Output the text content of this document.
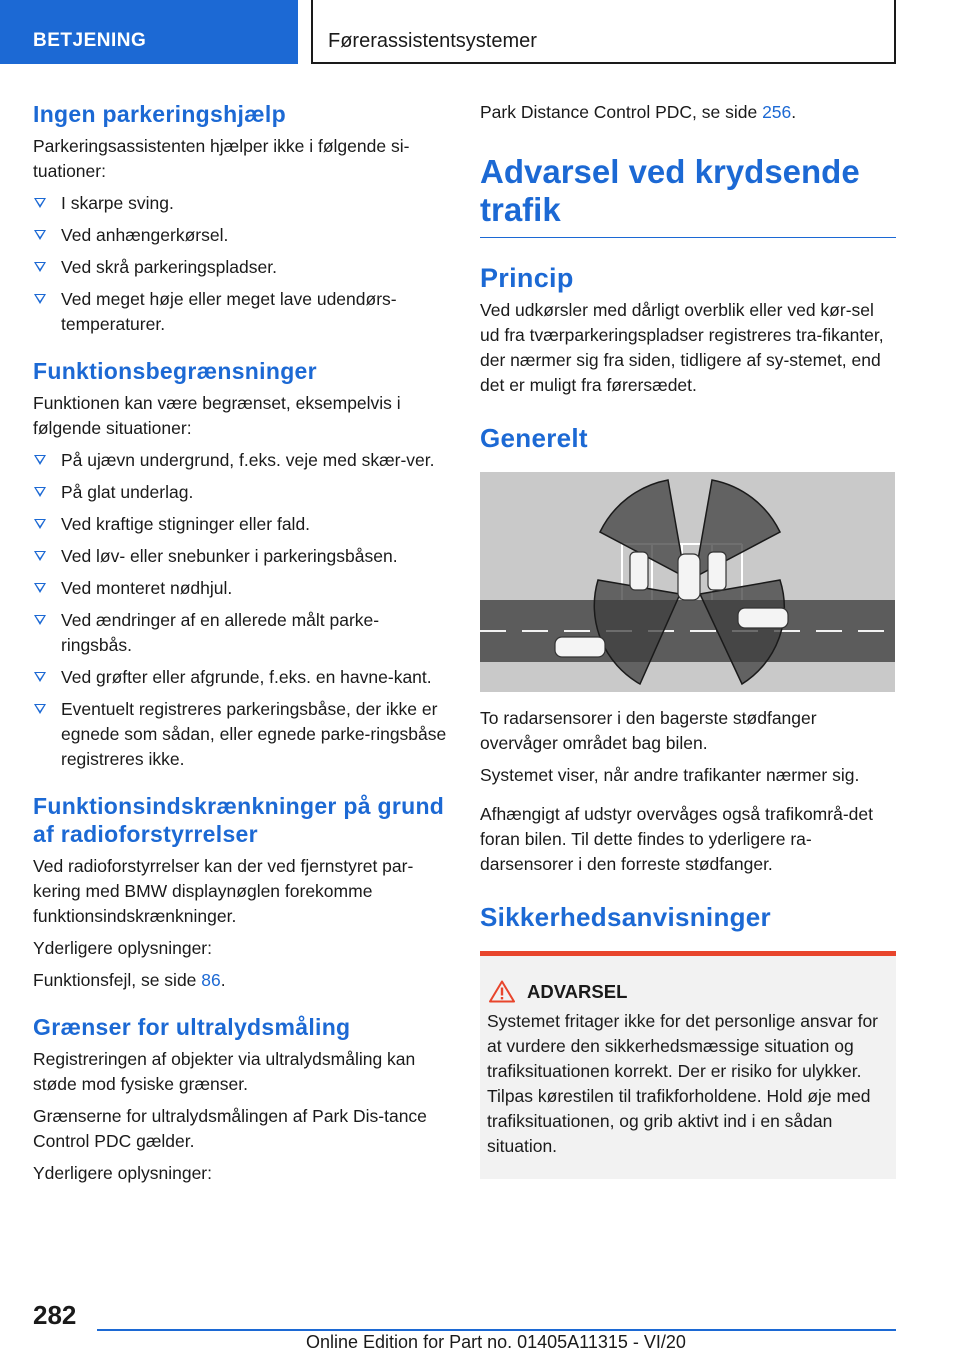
BETJENING	Førerassistentsystemer
Ingen parkeringshjælp

Parkeringsassistenten hjælper ikke i følgende si-tuationer:

I skarpe sving.
Ved anhængerkørsel.
Ved skrå parkeringspladser.
Ved meget høje eller meget lave udendørs-temperaturer.
Funktionsbegrænsninger

Funktionen kan være begrænset, eksempelvis i følgende situationer:

På ujævn undergrund, f.eks. veje med skær-ver.
På glat underlag.
Ved kraftige stigninger eller fald.
Ved løv- eller snebunker i parkeringsbåsen.
Ved monteret nødhjul.
Ved ændringer af en allerede målt parke-ringsbås.
Ved grøfter eller afgrunde, f.eks. en havne-kant.
Eventuelt registreres parkeringsbåse, der ikke er egnede som sådan, eller egnede parke-ringsbåse registreres ikke.
Funktionsindskrænkninger på grund af radioforstyrrelser

Ved radioforstyrrelser kan der ved fjernstyret par-kering med BMW displaynøglen forekomme funktionsindskrænkninger.

Yderligere oplysninger:

Funktionsfejl, se side 86.

Grænser for ultralydsmåling

Registreringen af objekter via ultralydsmåling kan støde mod fysiske grænser.

Grænserne for ultralydsmålingen af Park Dis-tance Control PDC gælder.

Yderligere oplysninger:

Park Distance Control PDC, se side 256.

Advarsel ved krydsende trafik
Princip

Ved udkørsler med dårligt overblik eller ved kør-sel ud fra tværparkeringspladser registreres tra-fikanter, der nærmer sig fra siden, tidligere af sy-stemet, end det er muligt fra førersædet.

Generelt

To radarsensorer i den bagerste stødfanger overvåger området bag bilen.

Systemet viser, når andre trafikanter nærmer sig.

Afhængigt af udstyr overvåges også trafikområ-det foran bilen. Til dette findes to yderligere ra-darsensorer i den forreste stødfanger.

Sikkerhedsanvisninger
ADVARSEL

Systemet fritager ikke for det personlige ansvar for at vurdere den sikkerhedsmæssige situation og trafiksituationen korrekt. Der er risiko for ulykker. Tilpas kørestilen til trafikforholdene. Hold øje med trafiksituationen, og grib aktivt ind i en sådan situation.

282
Online Edition for Part no. 01405A11315 - VI/20
